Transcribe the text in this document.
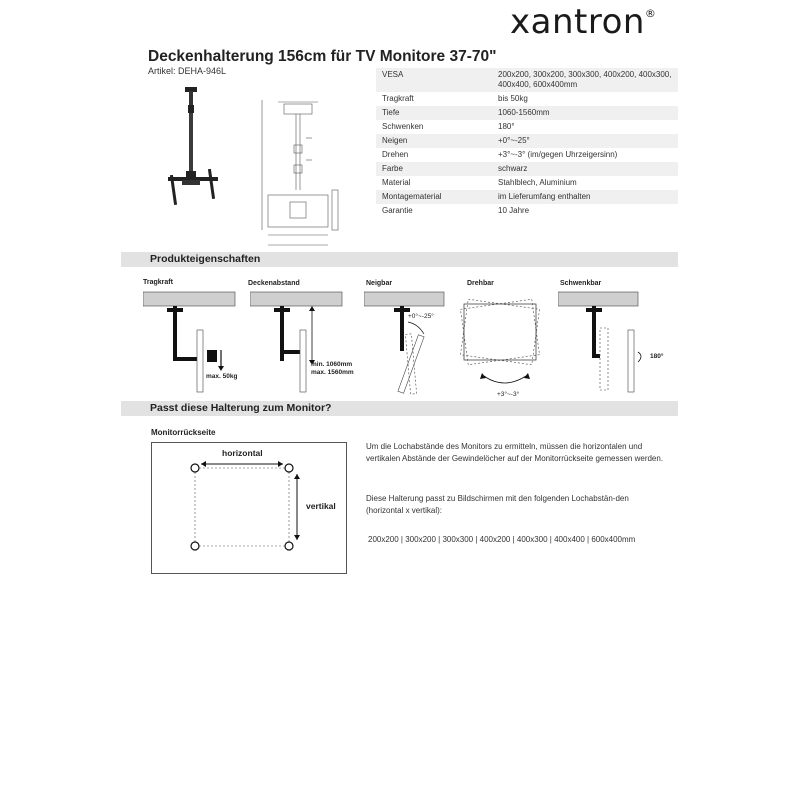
xantron®
Deckenhalterung 156cm für TV Monitore 37-70"
Artikel: DEHA-946L	VESA	200x200, 300x200, 300x300, 400x200, 400x300, 400x400, 600x400mm
Tragkraft	bis 50kg
Tiefe	1060-1560mm
Schwenken	180°
Neigen	+0°~-25°
Drehen	+3°~-3° (im/gegen Uhrzeigersinn)
Farbe	schwarz
Material	Stahlblech, Aluminium
Montagematerial	im Lieferumfang enthalten
Garantie	10 Jahre
Produkteigenschaften
Tragkraft	Deckenabstand	Neigbar	Drehbar	Schwenkbar
max. 50kg
min. 1060mm
max. 1560mm
+0°~-25°
+3°~-3°
180°
Passt diese Halterung zum Monitor?
Monitorrückseite
horizontal
vertikal
Um die Lochabstände des Monitors zu ermitteln, müssen die horizontalen und vertikalen Abstände der Gewindelöcher auf der Monitorrückseite gemessen werden.
Diese Halterung passt zu Bildschirmen mit den folgenden Lochabstän-den (horizontal x vertikal):
200x200 | 300x200 | 300x300 | 400x200 | 400x300 | 400x400 | 600x400mm
